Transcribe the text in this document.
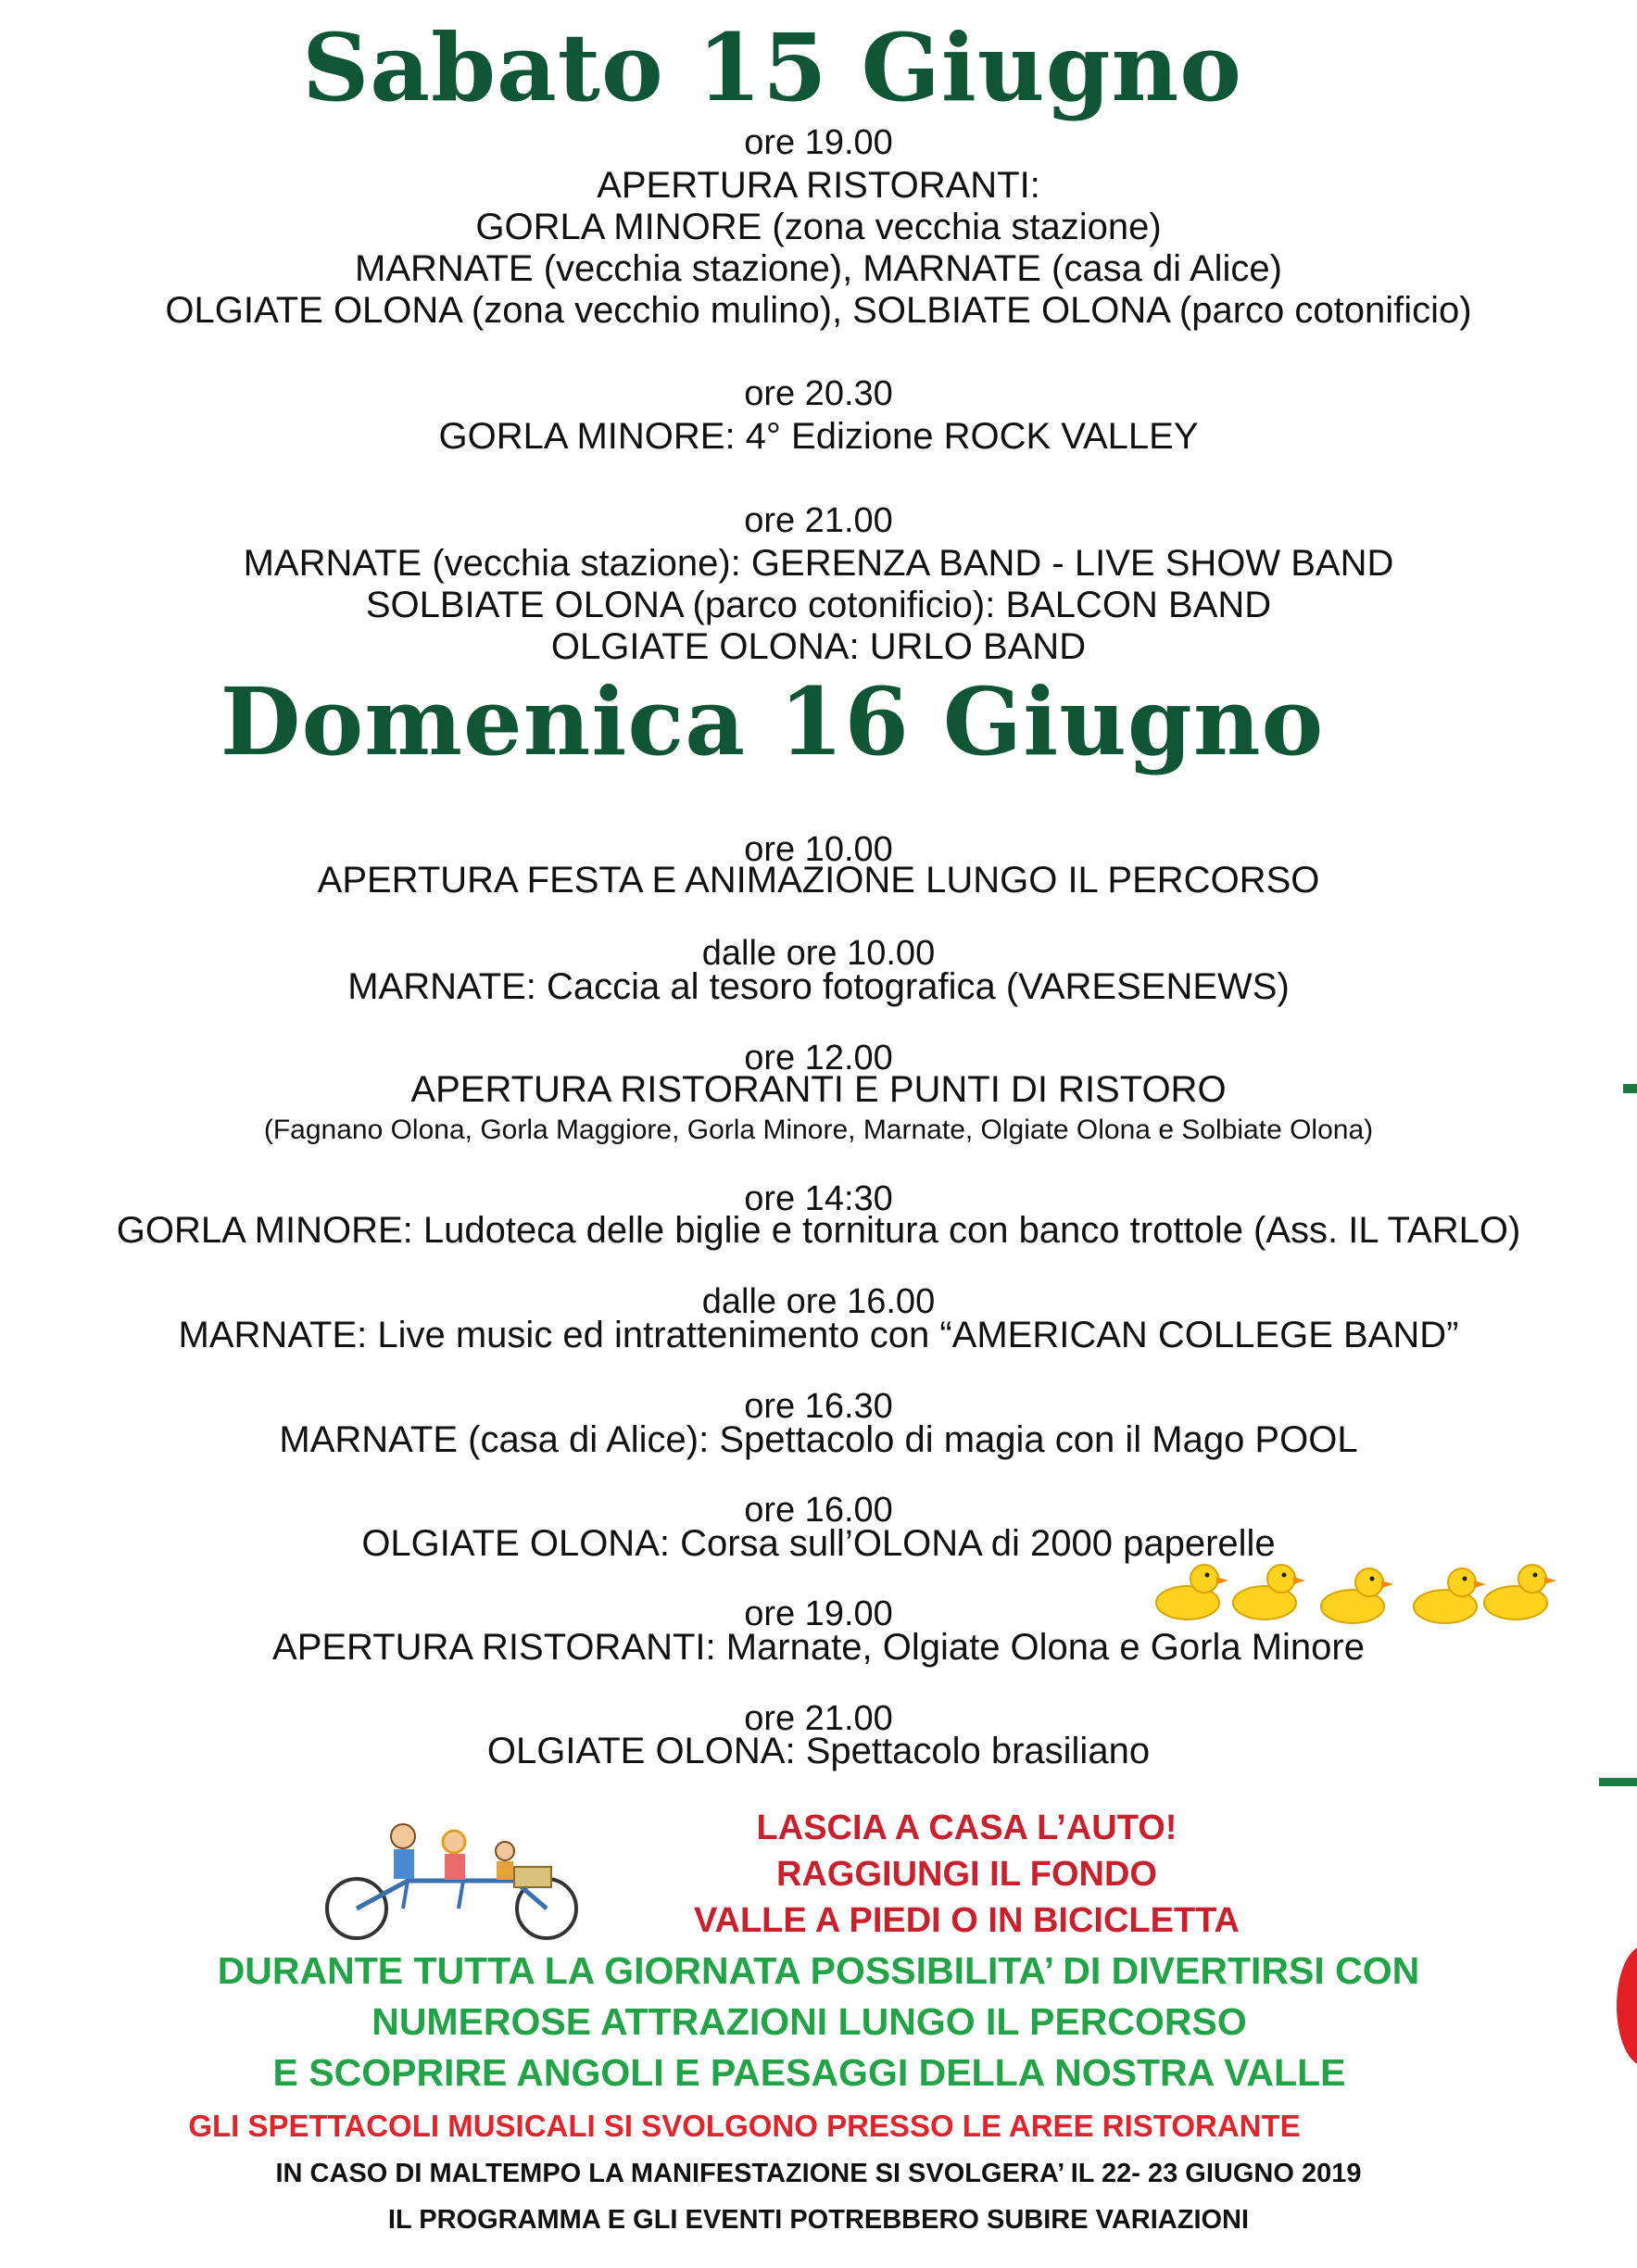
Sabato 15 Giugno
ore 19.00
APERTURA RISTORANTI:
GORLA MINORE (zona vecchia stazione)
MARNATE (vecchia stazione), MARNATE (casa di Alice)
OLGIATE OLONA (zona vecchio mulino), SOLBIATE OLONA (parco cotonificio)
ore 20.30
GORLA MINORE: 4° Edizione ROCK VALLEY
ore 21.00
MARNATE (vecchia stazione): GERENZA BAND - LIVE SHOW BAND
SOLBIATE OLONA (parco cotonificio): BALCON BAND
OLGIATE OLONA: URLO BAND
Domenica 16 Giugno
ore 10.00
APERTURA FESTA E ANIMAZIONE LUNGO IL PERCORSO
dalle ore 10.00
MARNATE: Caccia al tesoro fotografica (VARESENEWS)
ore 12.00
APERTURA RISTORANTI E PUNTI DI RISTORO
(Fagnano Olona, Gorla Maggiore, Gorla Minore, Marnate, Olgiate Olona e Solbiate Olona)
ore 14:30
GORLA MINORE: Ludoteca delle biglie e tornitura con banco trottole (Ass. IL TARLO)
dalle ore 16.00
MARNATE: Live music ed intrattenimento con “AMERICAN COLLEGE BAND”
ore 16.30
MARNATE (casa di Alice): Spettacolo di magia con il Mago POOL
ore 16.00
OLGIATE OLONA: Corsa sull’OLONA di 2000 paperelle
ore 19.00
APERTURA RISTORANTI: Marnate, Olgiate Olona e Gorla Minore
ore 21.00
OLGIATE OLONA: Spettacolo brasiliano
LASCIA A CASA L’AUTO!
RAGGIUNGI IL FONDO
VALLE A PIEDI O IN BICICLETTA
DURANTE TUTTA LA GIORNATA POSSIBILITA’ DI DIVERTIRSI CON
NUMEROSE ATTRAZIONI LUNGO IL PERCORSO
E SCOPRIRE ANGOLI E PAESAGGI DELLA NOSTRA VALLE
GLI SPETTACOLI MUSICALI SI SVOLGONO PRESSO LE AREE RISTORANTE
IN CASO DI MALTEMPO LA MANIFESTAZIONE SI SVOLGERA’ IL 22- 23 GIUGNO 2019
IL PROGRAMMA E GLI EVENTI POTREBBERO SUBIRE VARIAZIONI
